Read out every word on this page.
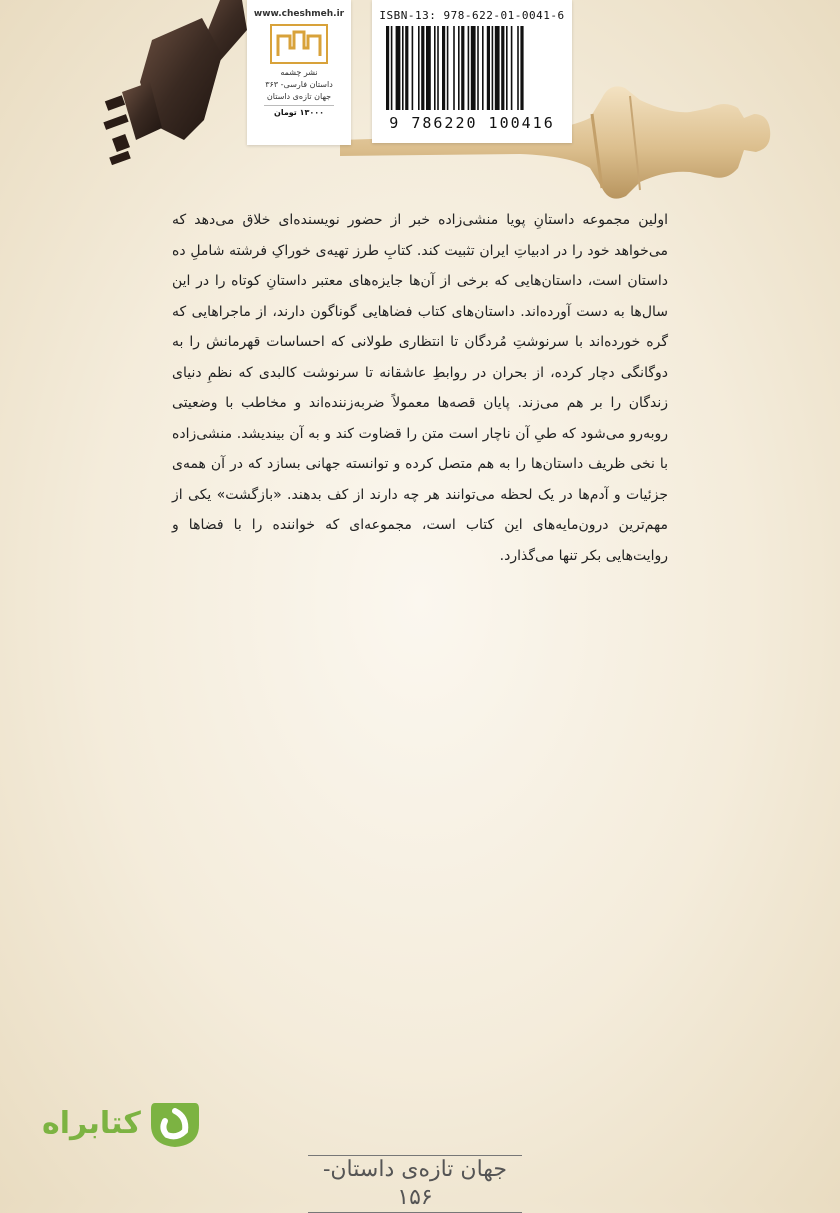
www.cheshmeh.ir
نشر چشمه
داستان فارسی- ۳۶۳
جهان تازه‌ی داستان
۱۳۰۰۰ تومان
ISBN-13: 978-622-01-0041-6
9 786220 100416

اولین مجموعه داستانِ پویا منشی‌زاده خبر از حضور نویسنده‌ای خلاق می‌دهد که می‌خواهد خود را در ادبیاتِ ایران تثبیت کند. کتابِ طرز تهیه‌ی خوراکِ فرشته شاملِ ده داستان است، داستان‌هایی که برخی از آن‌ها جایزه‌های معتبر داستانِ کوتاه را در این سال‌ها به دست آورده‌اند. داستان‌های کتاب فضاهایی گوناگون دارند، از ماجراهایی که گره خورده‌اند با سرنوشتِ مُردگان تا انتظاری طولانی که احساسات قهرمانش را به دوگانگی دچار کرده، از بحران در روابطِ عاشقانه تا سرنوشت کالبدی که نظمِ دنیای زندگان را بر هم می‌زند. پایان قصه‌ها معمولاً ضربه‌زننده‌اند و مخاطب با وضعیتی روبه‌رو می‌شود که طیِ آن ناچار است متن را قضاوت کند و به آن بیندیشد. منشی‌زاده با نخی ظریف داستان‌ها را به هم متصل کرده و توانسته جهانی بسازد که در آن همه‌ی جزئیات و آدم‌ها در یک لحظه می‌توانند هر چه دارند از کف بدهند. «بازگشت» یکی از مهم‌ترین درون‌مایه‌های این کتاب است، مجموعه‌ای که خواننده را با فضاها و روایت‌هایی بکر تنها می‌گذارد.

کتابراه
جهان تازه‌ی داستان- ۱۵۶
